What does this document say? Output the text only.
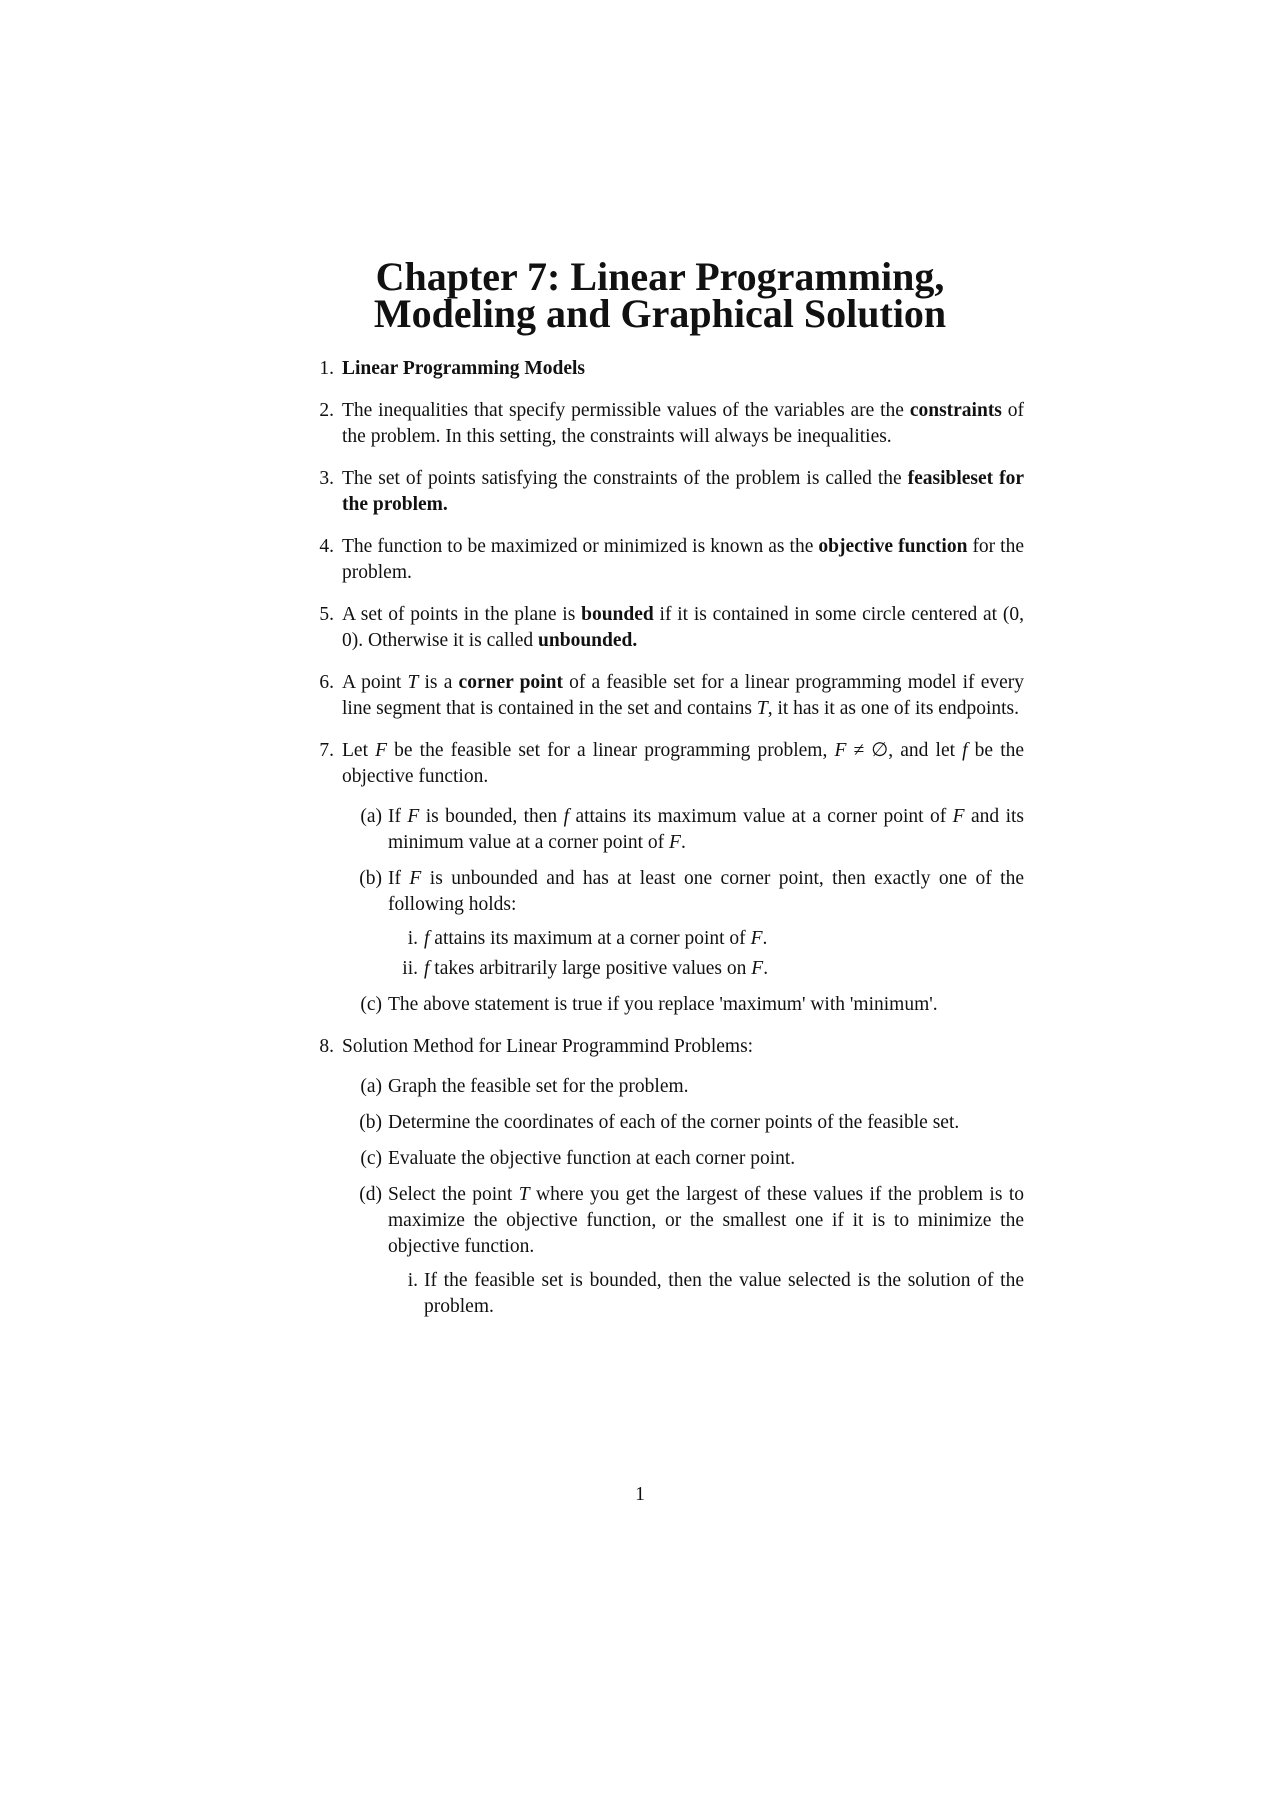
Chapter 7: Linear Programming,
Modeling and Graphical Solution
1. Linear Programming Models
2. The inequalities that specify permissible values of the variables are the constraints of the problem. In this setting, the constraints will always be inequalities.
3. The set of points satisfying the constraints of the problem is called the feasibleset for the problem.
4. The function to be maximized or minimized is known as the objective function for the problem.
5. A set of points in the plane is bounded if it is contained in some circle centered at (0, 0). Otherwise it is called unbounded.
6. A point T is a corner point of a feasible set for a linear programming model if every line segment that is contained in the set and contains T, it has it as one of its endpoints.
7. Let F be the feasible set for a linear programming problem, F ≠ ∅, and let f be the objective function.
(a) If F is bounded, then f attains its maximum value at a corner point of F and its minimum value at a corner point of F.
(b) If F is unbounded and has at least one corner point, then exactly one of the following holds:
i. f attains its maximum at a corner point of F.
ii. f takes arbitrarily large positive values on F.
(c) The above statement is true if you replace 'maximum' with 'minimum'.
8. Solution Method for Linear Programmind Problems:
(a) Graph the feasible set for the problem.
(b) Determine the coordinates of each of the corner points of the feasible set.
(c) Evaluate the objective function at each corner point.
(d) Select the point T where you get the largest of these values if the problem is to maximize the objective function, or the smallest one if it is to minimize the objective function.
i. If the feasible set is bounded, then the value selected is the solution of the problem.
1
